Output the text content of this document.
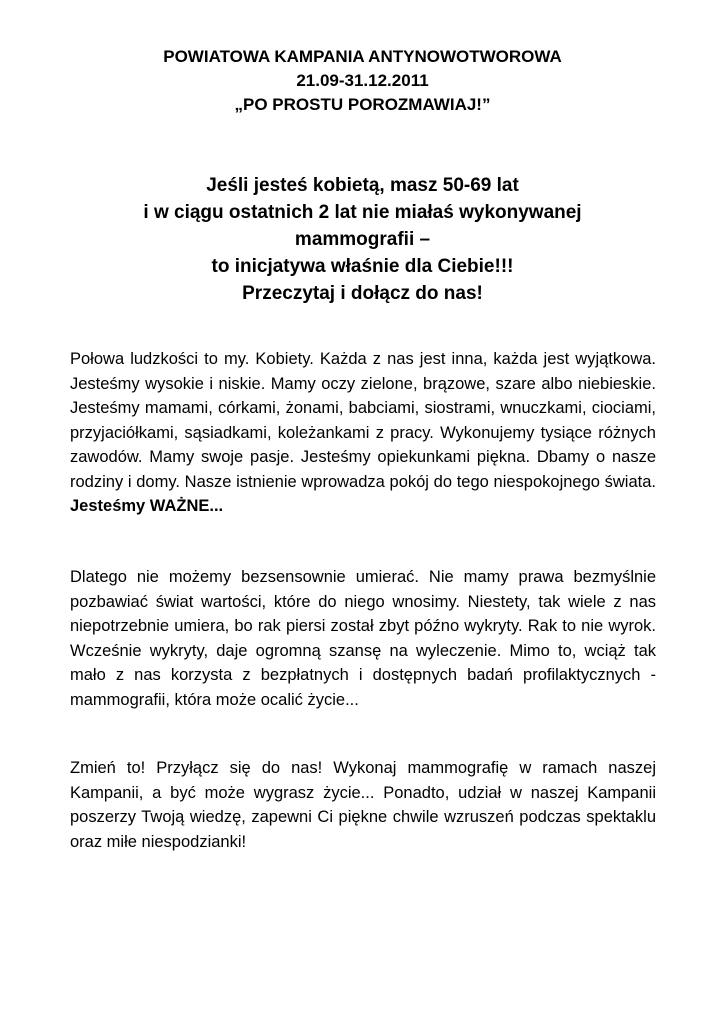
POWIATOWA KAMPANIA ANTYNOWOTWOROWA
21.09-31.12.2011
„PO PROSTU POROZMAWIAJ!”
Jeśli jesteś kobietą, masz 50-69 lat
i w ciągu ostatnich 2 lat nie miałaś wykonywanej
mammografii –
to inicjatywa właśnie dla Ciebie!!!
Przeczytaj i dołącz do nas!

Połowa ludzkości to my. Kobiety. Każda z nas jest inna, każda jest wyjątkowa. Jesteśmy wysokie i niskie. Mamy oczy zielone, brązowe, szare albo niebieskie. Jesteśmy mamami, córkami, żonami, babciami, siostrami, wnuczkami, ciociami, przyjaciółkami, sąsiadkami, koleżankami z pracy. Wykonujemy tysiące różnych zawodów. Mamy swoje pasje. Jesteśmy opiekunkami piękna. Dbamy o nasze rodziny i domy. Nasze istnienie wprowadza pokój do tego niespokojnego świata. Jesteśmy WAŻNE...

Dlatego nie możemy bezsensownie umierać. Nie mamy prawa bezmyślnie pozbawiać świat wartości, które do niego wnosimy. Niestety, tak wiele z nas niepotrzebnie umiera, bo rak piersi został zbyt późno wykryty. Rak to nie wyrok. Wcześnie wykryty, daje ogromną szansę na wyleczenie. Mimo to, wciąż tak mało z nas korzysta z bezpłatnych i dostępnych badań profilaktycznych - mammografii, która może ocalić życie...

Zmień to! Przyłącz się do nas! Wykonaj mammografię w ramach naszej Kampanii, a być może wygrasz życie... Ponadto, udział w naszej Kampanii poszerzy Twoją wiedzę, zapewni Ci piękne chwile wzruszeń podczas spektaklu oraz miłe niespodzianki!
